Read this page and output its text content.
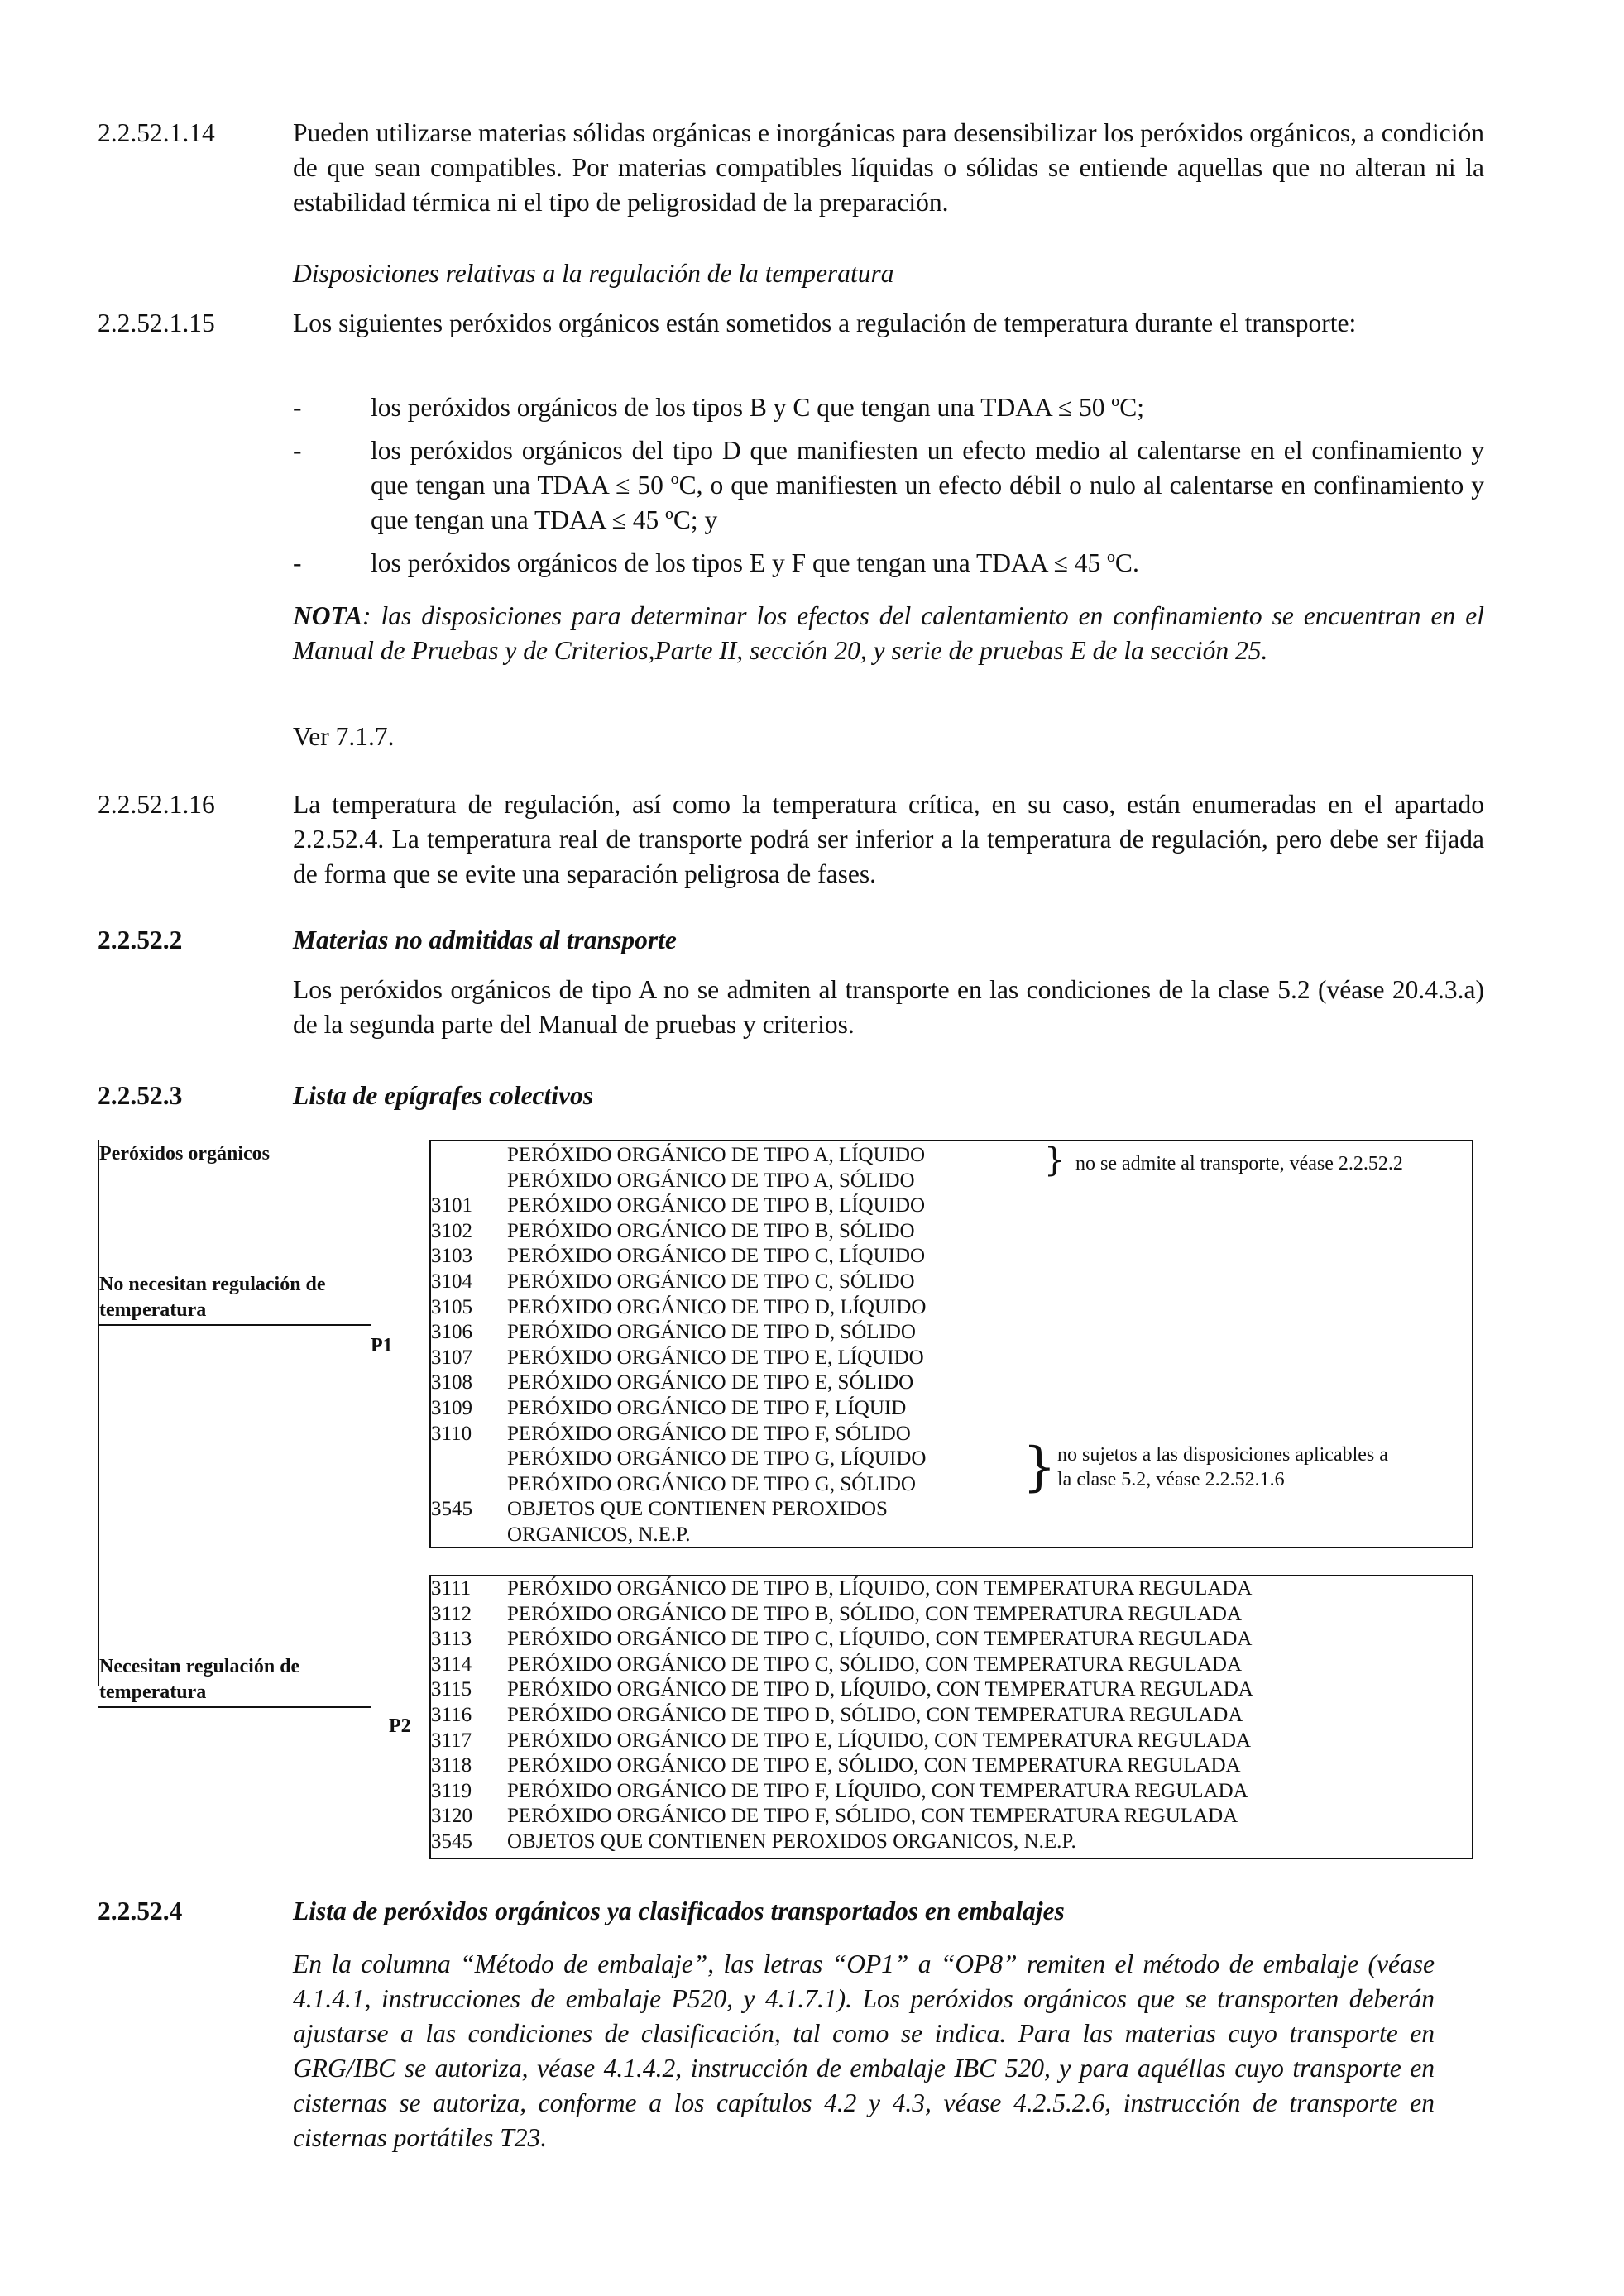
2.2.52.1.14	Pueden utilizarse materias sólidas orgánicas e inorgánicas para desensibilizar los peróxidos orgánicos, a condición de que sean compatibles. Por materias compatibles líquidas o sólidas se entiende aquellas que no alteran ni la estabilidad térmica ni el tipo de peligrosidad de la preparación.
Disposiciones relativas a la regulación de la temperatura
2.2.52.1.15	Los siguientes peróxidos orgánicos están sometidos a regulación de temperatura durante el transporte:
-	los peróxidos orgánicos de los tipos B y C que tengan una TDAA ≤ 50 ºC;
-	los peróxidos orgánicos del tipo D que manifiesten un efecto medio al calentarse en el confinamiento y que tengan una TDAA ≤ 50 ºC, o que manifiesten un efecto débil o nulo al calentarse en confinamiento y que tengan una TDAA ≤ 45 ºC; y
-	los peróxidos orgánicos de los tipos E y F que tengan una TDAA ≤ 45 ºC.
NOTA: las disposiciones para determinar los efectos del calentamiento en confinamiento se encuentran en el Manual de Pruebas y de Criterios,Parte II, sección 20, y serie de pruebas E de la sección 25.
Ver 7.1.7.
2.2.52.1.16	La temperatura de regulación, así como la temperatura crítica, en su caso, están enumeradas en el apartado 2.2.52.4. La temperatura real de transporte podrá ser inferior a la temperatura de regulación, pero debe ser fijada de forma que se evite una separación peligrosa de fases.
2.2.52.2	Materias no admitidas al transporte
Los peróxidos orgánicos de tipo A no se admiten al transporte en las condiciones de la clase 5.2 (véase 20.4.3.a) de la segunda parte del Manual de pruebas y criterios.
2.2.52.3	Lista de epígrafes colectivos
Peróxidos orgánicos
No necesitan regulación de temperatura
P1
Necesitan regulación de temperatura
P2
PERÓXIDO ORGÁNICO DE TIPO A, LÍQUIDO
PERÓXIDO ORGÁNICO DE TIPO A, SÓLIDO
3101 PERÓXIDO ORGÁNICO DE TIPO B, LÍQUIDO
3102 PERÓXIDO ORGÁNICO DE TIPO B, SÓLIDO
3103 PERÓXIDO ORGÁNICO DE TIPO C, LÍQUIDO
3104 PERÓXIDO ORGÁNICO DE TIPO C, SÓLIDO
3105 PERÓXIDO ORGÁNICO DE TIPO D, LÍQUIDO
3106 PERÓXIDO ORGÁNICO DE TIPO D, SÓLIDO
3107 PERÓXIDO ORGÁNICO DE TIPO E, LÍQUIDO
3108 PERÓXIDO ORGÁNICO DE TIPO E, SÓLIDO
3109 PERÓXIDO ORGÁNICO DE TIPO F, LÍQUID
3110 PERÓXIDO ORGÁNICO DE TIPO F, SÓLIDO
PERÓXIDO ORGÁNICO DE TIPO G, LÍQUIDO
PERÓXIDO ORGÁNICO DE TIPO G, SÓLIDO
3545 OBJETOS QUE CONTIENEN PEROXIDOS
ORGANICOS, N.E.P.
} no se admite al transporte, véase 2.2.52.2
} no sujetos a las disposiciones aplicables a
la clase 5.2, véase 2.2.52.1.6
3111 PERÓXIDO ORGÁNICO DE TIPO B, LÍQUIDO, CON TEMPERATURA REGULADA
3112 PERÓXIDO ORGÁNICO DE TIPO B, SÓLIDO, CON TEMPERATURA REGULADA
3113 PERÓXIDO ORGÁNICO DE TIPO C, LÍQUIDO, CON TEMPERATURA REGULADA
3114 PERÓXIDO ORGÁNICO DE TIPO C, SÓLIDO, CON TEMPERATURA REGULADA
3115 PERÓXIDO ORGÁNICO DE TIPO D, LÍQUIDO, CON TEMPERATURA REGULADA
3116 PERÓXIDO ORGÁNICO DE TIPO D, SÓLIDO, CON TEMPERATURA REGULADA
3117 PERÓXIDO ORGÁNICO DE TIPO E, LÍQUIDO, CON TEMPERATURA REGULADA
3118 PERÓXIDO ORGÁNICO DE TIPO E, SÓLIDO, CON TEMPERATURA REGULADA
3119 PERÓXIDO ORGÁNICO DE TIPO F, LÍQUIDO, CON TEMPERATURA REGULADA
3120 PERÓXIDO ORGÁNICO DE TIPO F, SÓLIDO, CON TEMPERATURA REGULADA
3545 OBJETOS QUE CONTIENEN PEROXIDOS ORGANICOS, N.E.P.
2.2.52.4	Lista de peróxidos orgánicos ya clasificados transportados en embalajes
En la columna “Método de embalaje”, las letras “OP1” a “OP8” remiten el método de embalaje (véase 4.1.4.1, instrucciones de embalaje P520, y 4.1.7.1). Los peróxidos orgánicos que se transporten deberán ajustarse a las condiciones de clasificación, tal como se indica. Para las materias cuyo transporte en GRG/IBC se autoriza, véase 4.1.4.2, instrucción de embalaje IBC 520, y para aquéllas cuyo transporte en cisternas se autoriza, conforme a los capítulos 4.2 y 4.3, véase 4.2.5.2.6, instrucción de transporte en cisternas portátiles T23.
